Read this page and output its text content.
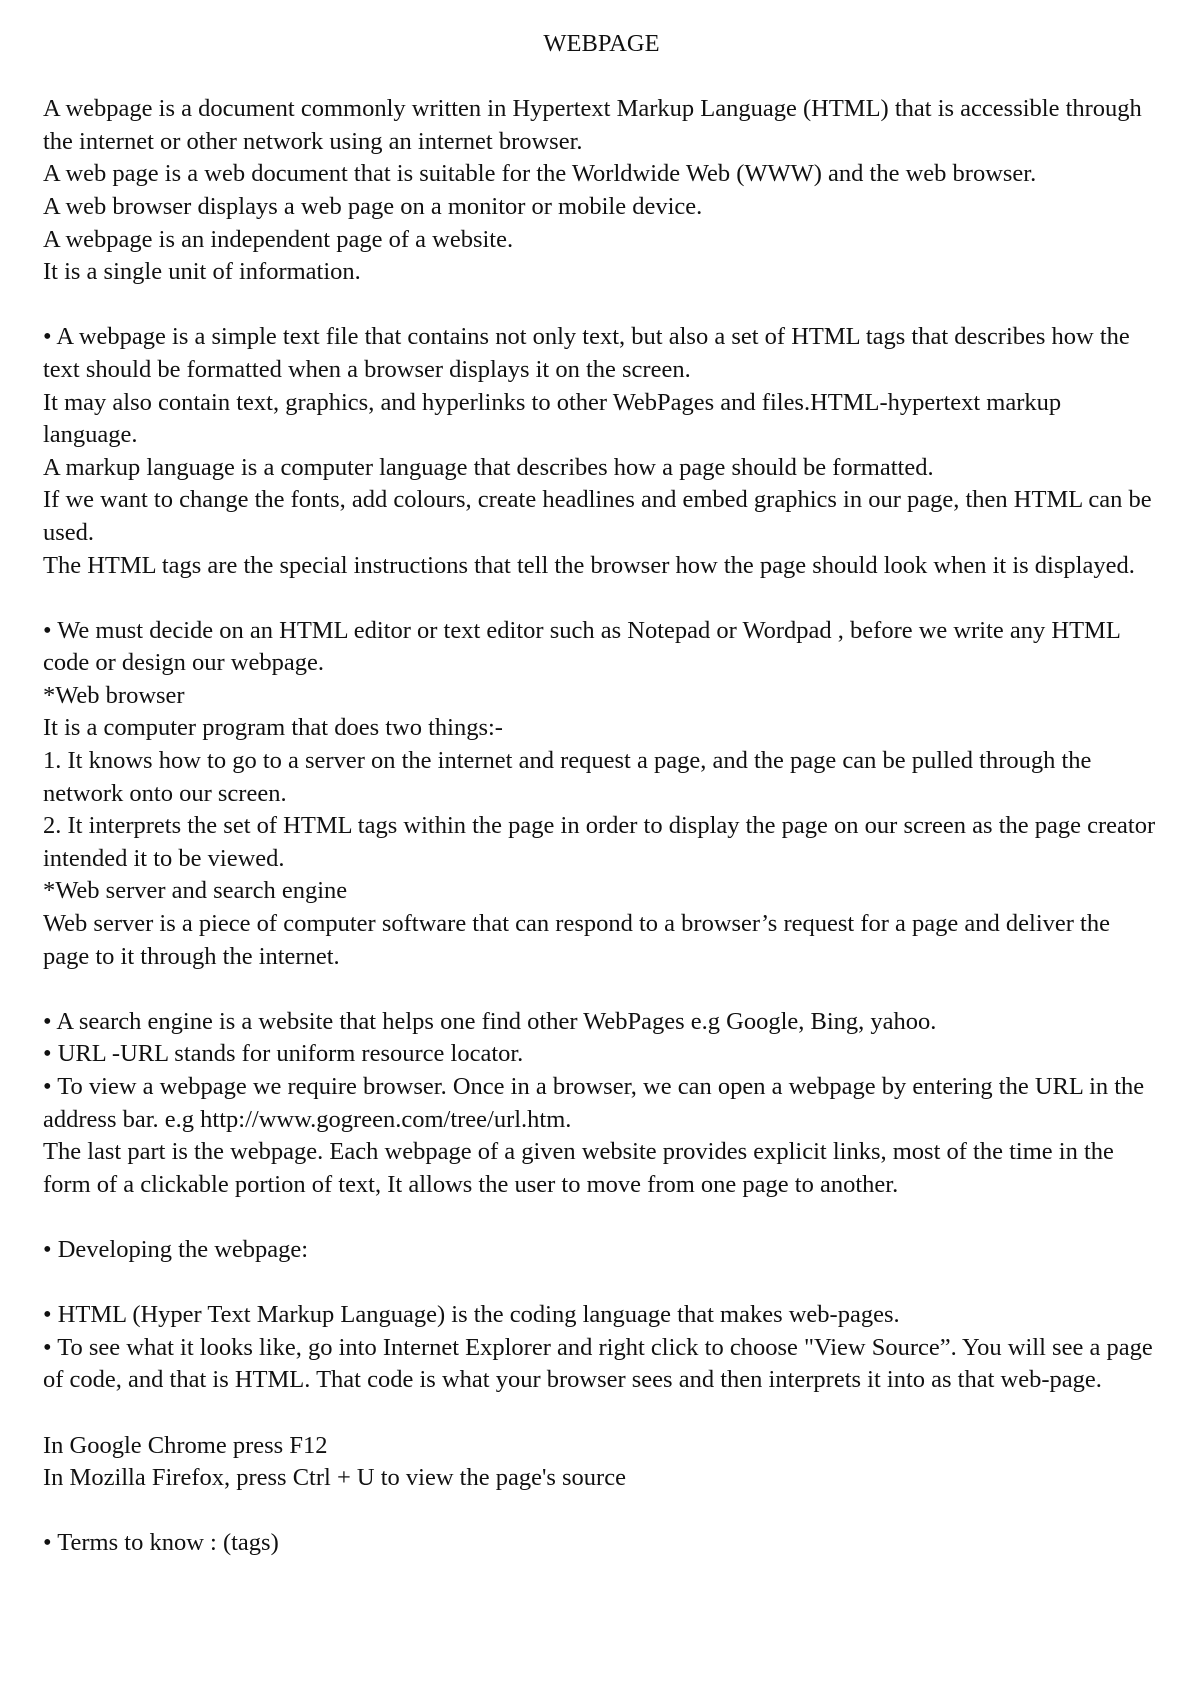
WEBPAGE

A webpage is a document commonly written in Hypertext Markup Language (HTML) that is accessible through the internet or other network using an internet browser.

A web page is a web document that is suitable for the Worldwide Web (WWW) and the web browser.

A web browser displays a web page on a monitor or mobile device.

A webpage is an independent page of a website.

It is a single unit of information.

• A webpage is a simple text file that contains not only text, but also a set of HTML tags that describes how the text should be formatted when a browser displays it on the screen.

It may also contain text, graphics, and hyperlinks to other WebPages and files.HTML-hypertext markup language.

A markup language is a computer language that describes how a page should be formatted.

If we want to change the fonts, add colours, create headlines and embed graphics in our page, then HTML can be used.

The HTML tags are the special instructions that tell the browser how the page should look when it is displayed.

• We must decide on an HTML editor or text editor such as Notepad or Wordpad , before we write any HTML code or design our webpage.

*Web browser

It is a computer program that does two things:-

1. It knows how to go to a server on the internet and request a page, and the page can be pulled through the network onto our screen.

2. It interprets the set of HTML tags within the page in order to display the page on our screen as the page creator intended it to be viewed.

*Web server and search engine

Web server is a piece of computer software that can respond to a browser’s request for a page and deliver the page to it through the internet.

• A search engine is a website that helps one find other WebPages e.g Google, Bing, yahoo.

• URL -URL stands for uniform resource locator.

• To view a webpage we require browser. Once in a browser, we can open a webpage by entering the URL in the address bar. e.g http://www.gogreen.com/tree/url.htm.

The last part is the webpage. Each webpage of a given website provides explicit links, most of the time in the form of a clickable portion of text, It allows the user to move from one page to another.

• Developing the webpage:

• HTML (Hyper Text Markup Language) is the coding language that makes web-pages.

• To see what it looks like, go into Internet Explorer and right click to choose "View Source”. You will see a page of code, and that is HTML. That code is what your browser sees and then interprets it into as that web-page.

In Google Chrome press F12

In Mozilla Firefox, press Ctrl + U to view the page's source

• Terms to know : (tags)
